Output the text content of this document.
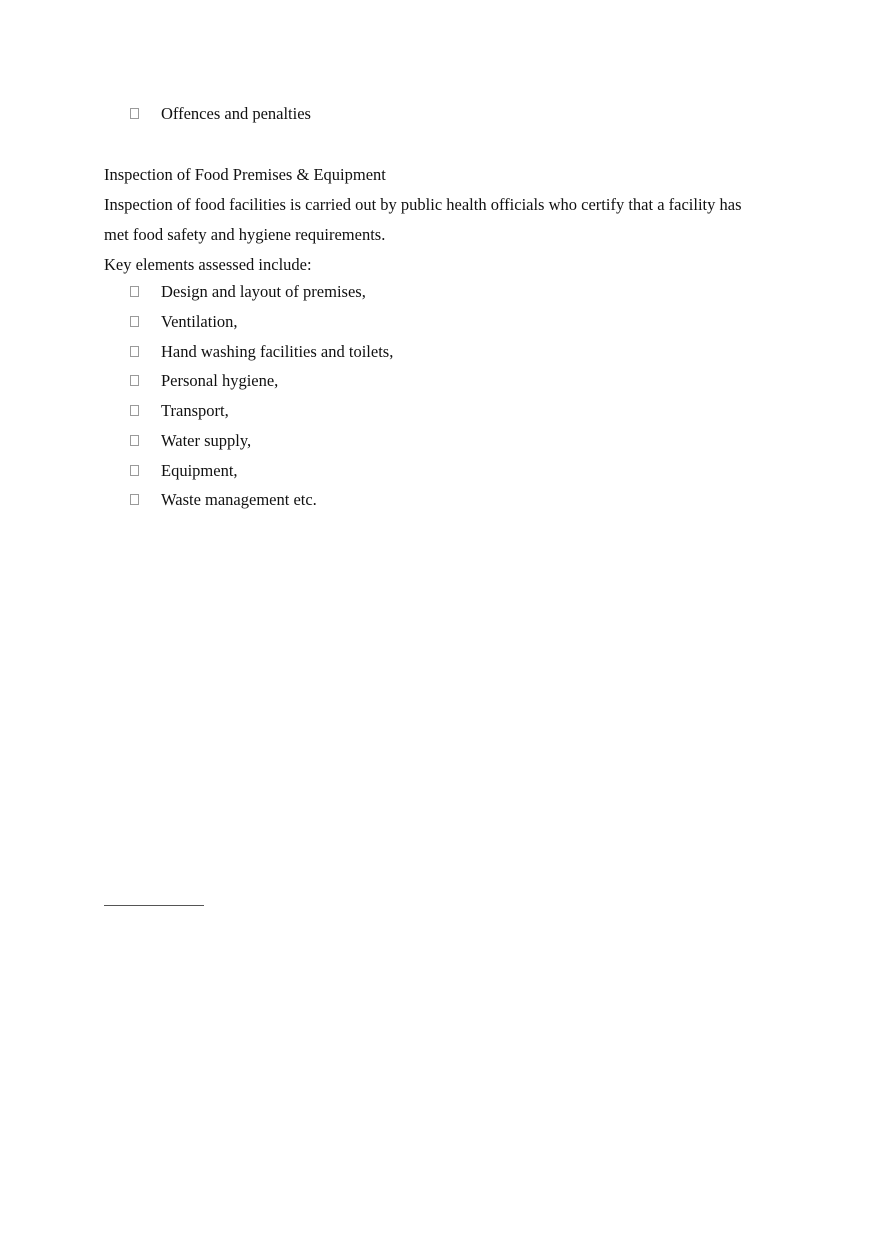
Offences and penalties
Inspection of Food Premises & Equipment
Inspection of food facilities is carried out by public health officials who certify that a facility has
met food safety and hygiene requirements.
Key elements assessed include:
Design and layout of premises,
Ventilation,
Hand washing facilities and toilets,
Personal hygiene,
Transport,
Water supply,
Equipment,
Waste management etc.
